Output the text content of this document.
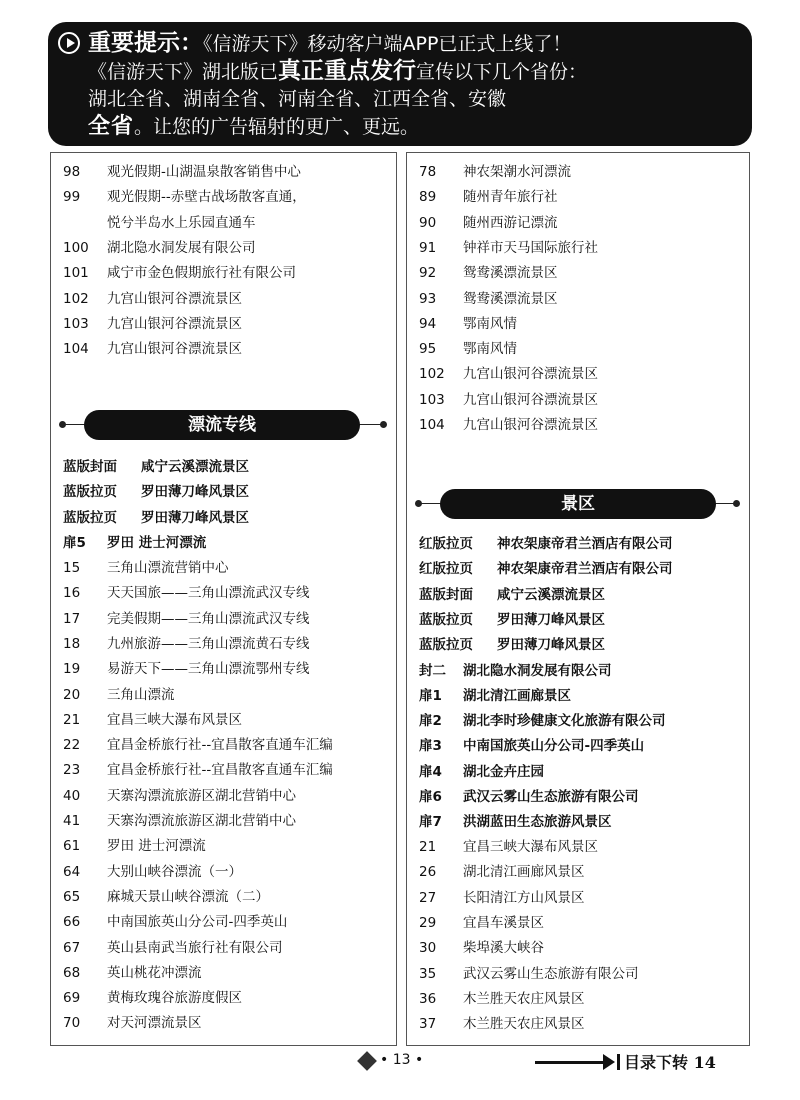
重要提示：《信游天下》移动客户端APP已正式上线了！
《信游天下》湖北版已真正重点发行宣传以下几个省份：
湖北全省、湖南全省、河南全省、江西全省、安徽
全省。让您的广告辐射的更广、更远。
98 观光假期-山湖温泉散客销售中心
99 观光假期--赤壁古战场散客直通，
悦兮半岛水上乐园直通车
100 湖北隐水洞发展有限公司
101 咸宁市金色假期旅行社有限公司
102 九宫山银河谷漂流景区
103 九宫山银河谷漂流景区
104 九宫山银河谷漂流景区
漂流专线
蓝版封面 咸宁云溪漂流景区
蓝版拉页 罗田薄刀峰风景区
蓝版拉页 罗田薄刀峰风景区
扉5 罗田 进士河漂流
15 三角山漂流营销中心
16 天天国旅——三角山漂流武汉专线
17 完美假期——三角山漂流武汉专线
18 九州旅游——三角山漂流黄石专线
19 易游天下——三角山漂流鄂州专线
20 三角山漂流
21 宜昌三峡大瀑布风景区
22 宜昌金桥旅行社--宜昌散客直通车汇编
23 宜昌金桥旅行社--宜昌散客直通车汇编
40 天寨沟漂流旅游区湖北营销中心
41 天寨沟漂流旅游区湖北营销中心
61 罗田 进士河漂流
64 大别山峡谷漂流（一）
65 麻城天景山峡谷漂流（二）
66 中南国旅英山分公司-四季英山
67 英山县南武当旅行社有限公司
68 英山桃花冲漂流
69 黄梅玫瑰谷旅游度假区
70 对天河漂流景区
78 神农架潮水河漂流
89 随州青年旅行社
90 随州西游记漂流
91 钟祥市天马国际旅行社
92 鸳鸯溪漂流景区
93 鸳鸯溪漂流景区
94 鄂南风情
95 鄂南风情
102 九宫山银河谷漂流景区
103 九宫山银河谷漂流景区
104 九宫山银河谷漂流景区
景区
红版拉页 神农架康帝君兰酒店有限公司
红版拉页 神农架康帝君兰酒店有限公司
蓝版封面 咸宁云溪漂流景区
蓝版拉页 罗田薄刀峰风景区
蓝版拉页 罗田薄刀峰风景区
封二 湖北隐水洞发展有限公司
扉1 湖北清江画廊景区
扉2 湖北李时珍健康文化旅游有限公司
扉3 中南国旅英山分公司-四季英山
扉4 湖北金卉庄园
扉6 武汉云雾山生态旅游有限公司
扉7 洪湖蓝田生态旅游风景区
21 宜昌三峡大瀑布风景区
26 湖北清江画廊风景区
27 长阳清江方山风景区
29 宜昌车溪景区
30 柴埠溪大峡谷
35 武汉云雾山生态旅游有限公司
36 木兰胜天农庄风景区
37 木兰胜天农庄风景区
• 13 •	目录下转 14
